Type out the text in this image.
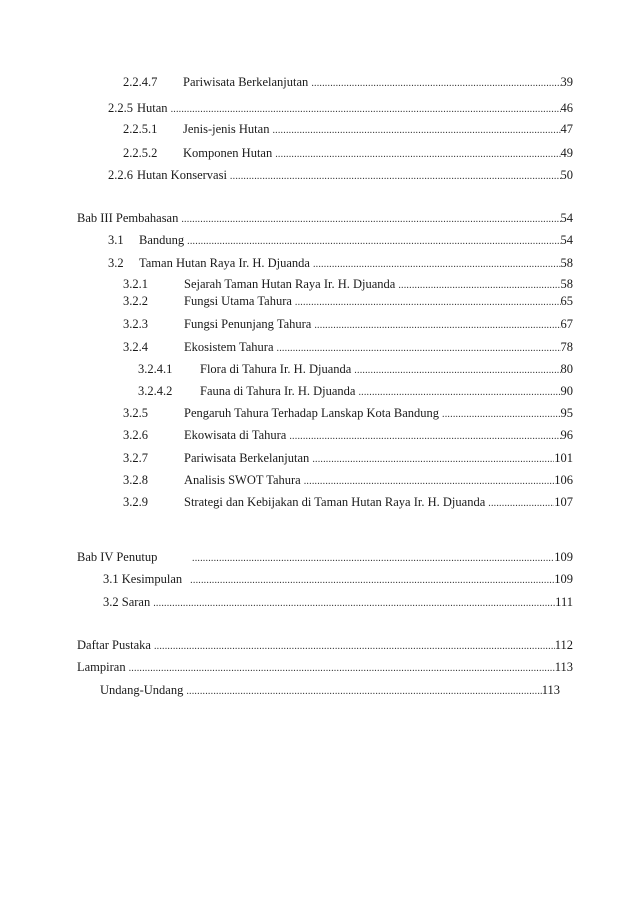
2.2.4.7	Pariwisata Berkelanjutan .....	39
2.2.5 Hutan .....	46
2.2.5.1	Jenis-jenis Hutan .....	47
2.2.5.2	Komponen Hutan .....	49
2.2.6 Hutan Konservasi .....	50
Bab III Pembahasan .....	54
3.1	Bandung .....	54
3.2	Taman Hutan Raya Ir. H. Djuanda .....	58
3.2.1	Sejarah Taman Hutan Raya Ir. H. Djuanda .....	58
3.2.2	Fungsi Utama Tahura .....	65
3.2.3	Fungsi Penunjang Tahura .....	67
3.2.4	Ekosistem Tahura .....	78
3.2.4.1	Flora di Tahura Ir. H. Djuanda .....	80
3.2.4.2	Fauna di Tahura Ir. H. Djuanda .....	90
3.2.5	Pengaruh Tahura Terhadap Lanskap Kota Bandung .....	95
3.2.6	Ekowisata di Tahura .....	96
3.2.7	Pariwisata Berkelanjutan .....	101
3.2.8	Analisis SWOT Tahura .....	106
3.2.9	Strategi dan Kebijakan di Taman Hutan Raya Ir. H. Djuanda .....	107
Bab IV Penutup .....	109
3.1 Kesimpulan .....	109
3.2 Saran .....	111
Daftar Pustaka .....	112
Lampiran .....	113
Undang-Undang .....	113
